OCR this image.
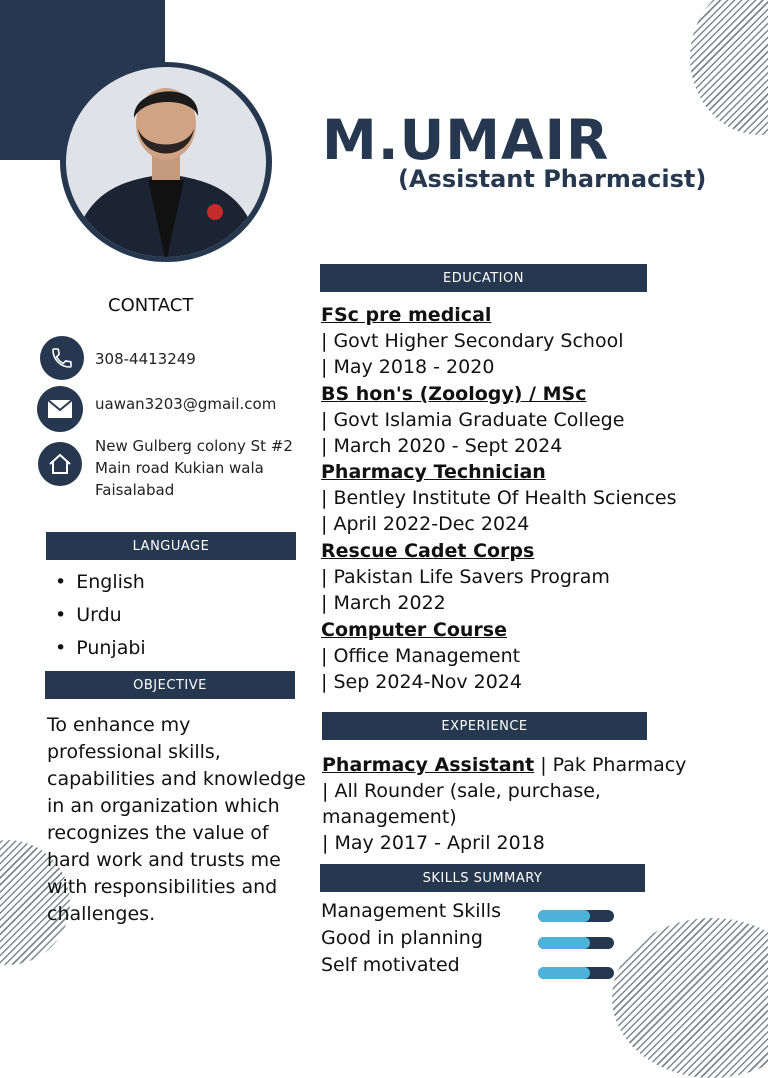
M.UMAIR
(Assistant Pharmacist)
CONTACT
308-4413249
uawan3203@gmail.com
New Gulberg colony St #2
Main road Kukian wala
Faisalabad
LANGUAGE
• English
• Urdu
• Punjabi
OBJECTIVE
To enhance my professional skills, capabilities and knowledge in an organization which recognizes the value of hard work and trusts me with responsibilities and challenges.
EDUCATION
FSc pre medical
| Govt Higher Secondary School
| May 2018 - 2020
BS hon's (Zoology) / MSc
| Govt Islamia Graduate College
| March 2020 - Sept 2024
Pharmacy Technician
| Bentley Institute Of Health Sciences
| April 2022-Dec 2024
Rescue Cadet Corps
| Pakistan Life Savers Program
| March 2022
Computer Course
| Office Management
| Sep 2024-Nov 2024
EXPERIENCE
Pharmacy Assistant | Pak Pharmacy
| All Rounder (sale, purchase,
management)
| May 2017 - April 2018
SKILLS SUMMARY
Management Skills
Good in planning
Self motivated
